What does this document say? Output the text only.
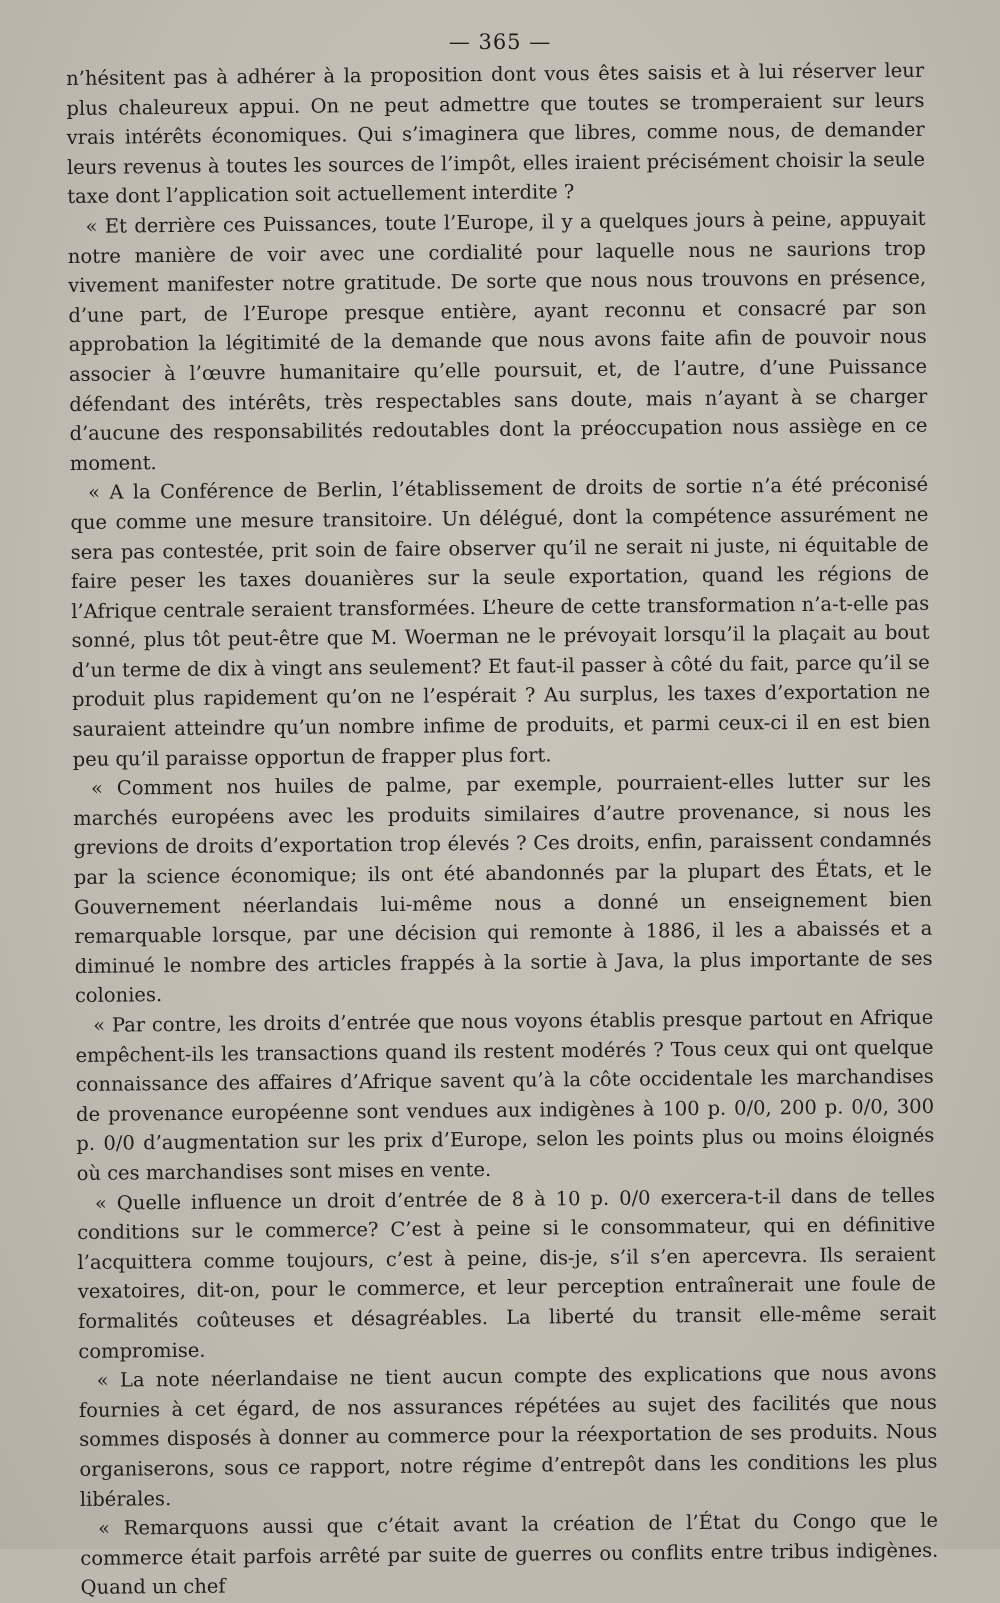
— 365 —

n’hésitent pas à adhérer à la proposition dont vous êtes saisis et à lui réserver leur plus chaleureux appui. On ne peut admettre que toutes se tromperaient sur leurs vrais intérêts économiques. Qui s’imaginera que libres, comme nous, de demander leurs revenus à toutes les sources de l’impôt, elles iraient précisément choisir la seule taxe dont l’application soit actuellement interdite ?

« Et derrière ces Puissances, toute l’Europe, il y a quelques jours à peine, appuyait notre manière de voir avec une cordialité pour laquelle nous ne saurions trop vivement manifester notre gratitude. De sorte que nous nous trouvons en présence, d’une part, de l’Europe presque entière, ayant reconnu et consacré par son approbation la légitimité de la demande que nous avons faite afin de pouvoir nous associer à l’œuvre humanitaire qu’elle poursuit, et, de l’autre, d’une Puissance défendant des intérêts, très respectables sans doute, mais n’ayant à se charger d’aucune des responsabilités redoutables dont la préoccupation nous assiège en ce moment.

« A la Conférence de Berlin, l’établissement de droits de sortie n’a été préconisé que comme une mesure transitoire. Un délégué, dont la compétence assurément ne sera pas contestée, prit soin de faire observer qu’il ne serait ni juste, ni équitable de faire peser les taxes douanières sur la seule exportation, quand les régions de l’Afrique centrale seraient transformées. L’heure de cette transformation n’a-t-elle pas sonné, plus tôt peut-être que M. Woerman ne le prévoyait lorsqu’il la plaçait au bout d’un terme de dix à vingt ans seulement? Et faut-il passer à côté du fait, parce qu’il se produit plus rapidement qu’on ne l’espérait ? Au surplus, les taxes d’exportation ne sauraient atteindre qu’un nombre infime de produits, et parmi ceux-ci il en est bien peu qu’il paraisse opportun de frapper plus fort.

« Comment nos huiles de palme, par exemple, pourraient-elles lutter sur les marchés européens avec les produits similaires d’autre provenance, si nous les grevions de droits d’exportation trop élevés ? Ces droits, enfin, paraissent condamnés par la science économique; ils ont été abandonnés par la plupart des États, et le Gouvernement néerlandais lui-même nous a donné un enseignement bien remarquable lorsque, par une décision qui remonte à 1886, il les a abaissés et a diminué le nombre des articles frappés à la sortie à Java, la plus importante de ses colonies.

« Par contre, les droits d’entrée que nous voyons établis presque partout en Afrique empêchent-ils les transactions quand ils restent modérés ? Tous ceux qui ont quelque connaissance des affaires d’Afrique savent qu’à la côte occidentale les marchandises de provenance européenne sont vendues aux indigènes à 100 p. 0/0, 200 p. 0/0, 300 p. 0/0 d’augmentation sur les prix d’Europe, selon les points plus ou moins éloignés où ces marchandises sont mises en vente.

« Quelle influence un droit d’entrée de 8 à 10 p. 0/0 exercera-t-il dans de telles conditions sur le commerce? C’est à peine si le consommateur, qui en définitive l’acquittera comme toujours, c’est à peine, dis-je, s’il s’en apercevra. Ils seraient vexatoires, dit-on, pour le commerce, et leur perception entraînerait une foule de formalités coûteuses et désagréables. La liberté du transit elle-même serait compromise.

« La note néerlandaise ne tient aucun compte des explications que nous avons fournies à cet égard, de nos assurances répétées au sujet des facilités que nous sommes disposés à donner au commerce pour la réexportation de ses produits. Nous organiserons, sous ce rapport, notre régime d’entrepôt dans les conditions les plus libérales.

« Remarquons aussi que c’était avant la création de l’État du Congo que le commerce était parfois arrêté par suite de guerres ou conflits entre tribus indigènes. Quand un chef
